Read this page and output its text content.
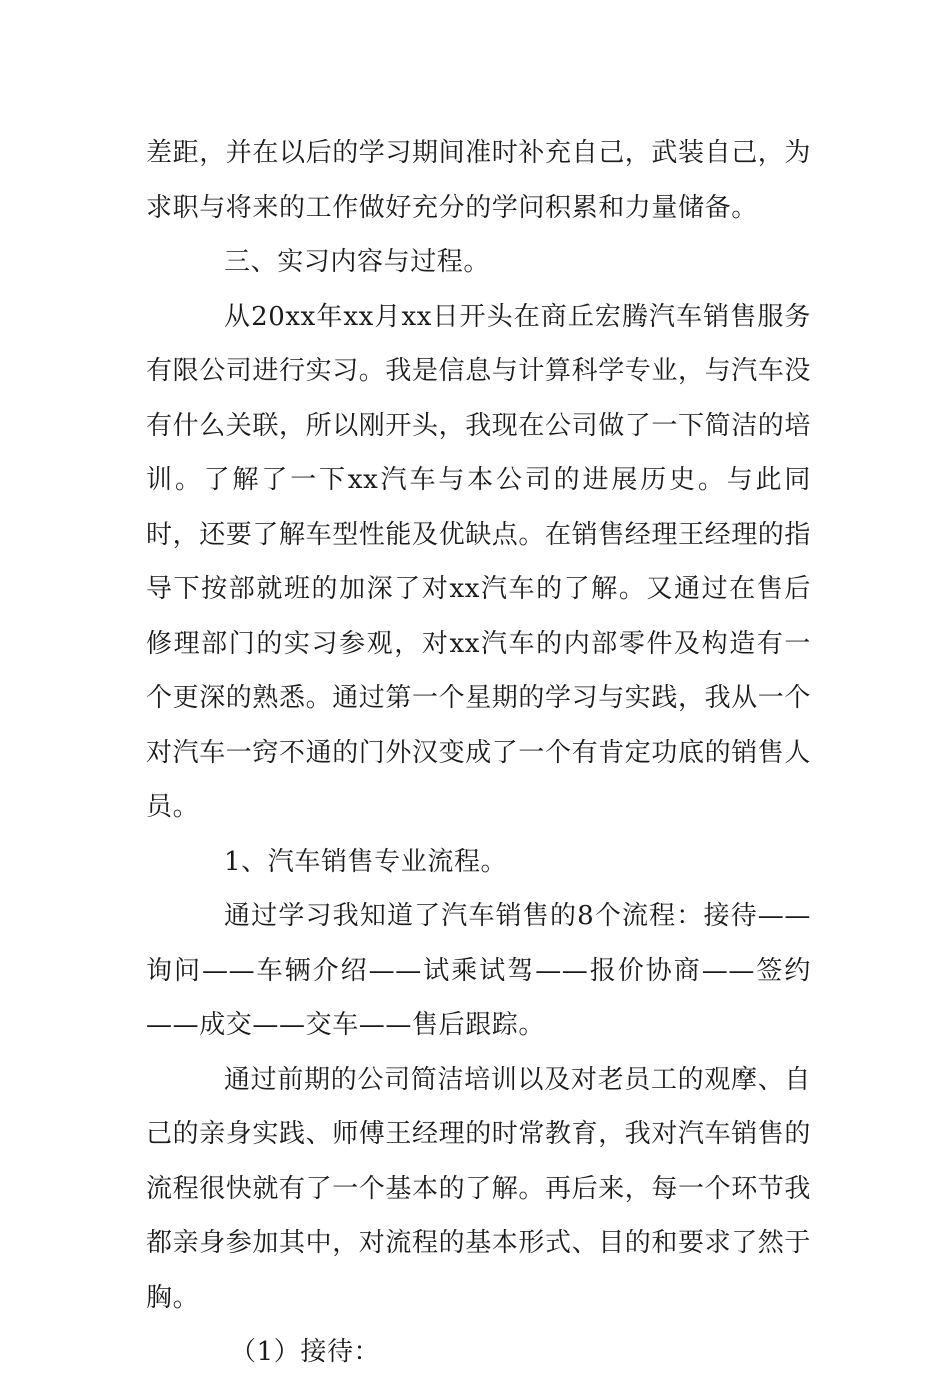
差距，并在以后的学习期间准时补充自己，武装自己，为求职与将来的工作做好充分的学问积累和力量储备。

三、实习内容与过程。

从20xx年xx月xx日开头在商丘宏腾汽车销售服务有限公司进行实习。我是信息与计算科学专业，与汽车没有什么关联，所以刚开头，我现在公司做了一下简洁的培训。了解了一下xx汽车与本公司的进展历史。与此同时，还要了解车型性能及优缺点。在销售经理王经理的指导下按部就班的加深了对xx汽车的了解。又通过在售后修理部门的实习参观，对xx汽车的内部零件及构造有一个更深的熟悉。通过第一个星期的学习与实践，我从一个对汽车一窍不通的门外汉变成了一个有肯定功底的销售人员。

1、汽车销售专业流程。

通过学习我知道了汽车销售的8个流程：接待——询问——车辆介绍——试乘试驾——报价协商——签约——成交——交车——售后跟踪。

通过前期的公司简洁培训以及对老员工的观摩、自己的亲身实践、师傅王经理的时常教育，我对汽车销售的流程很快就有了一个基本的了解。再后来，每一个环节我都亲身参加其中，对流程的基本形式、目的和要求了然于胸。

（1）接待：
